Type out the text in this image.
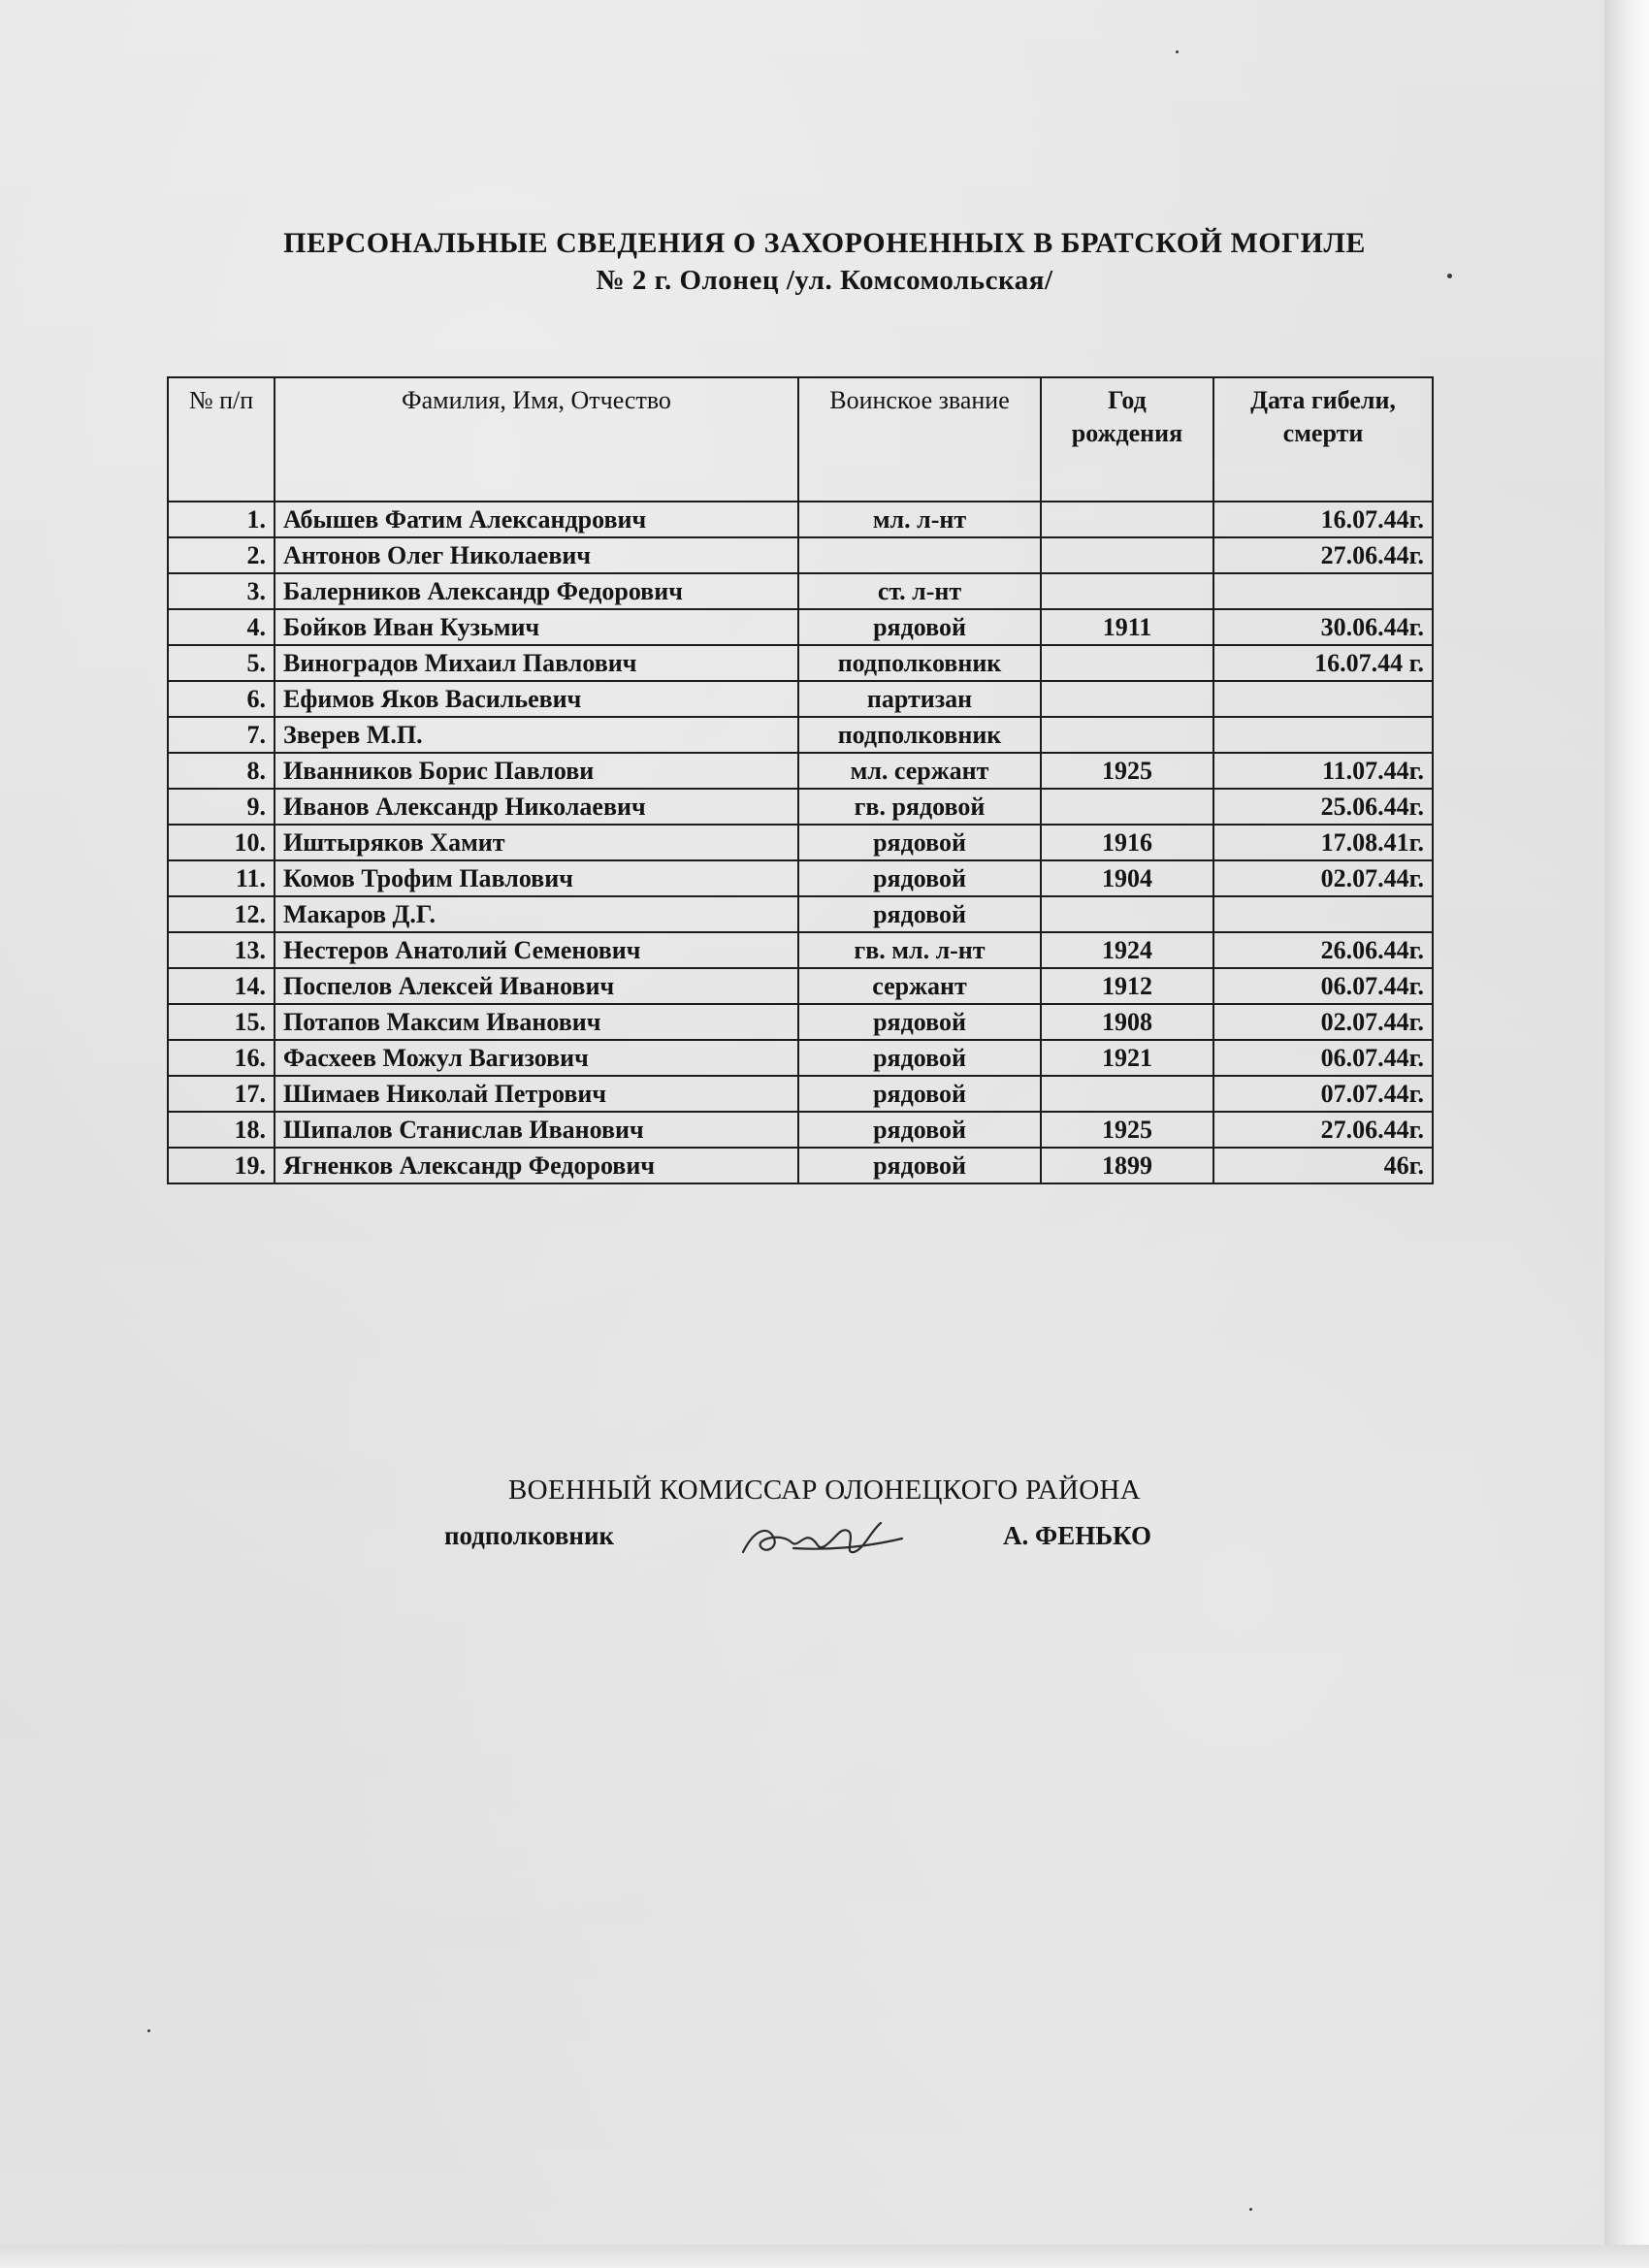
ПЕРСОНАЛЬНЫЕ СВЕДЕНИЯ О ЗАХОРОНЕННЫХ В БРАТСКОЙ МОГИЛЕ
№ 2 г. Олонец /ул. Комсомольская/
№ п/п	Фамилия, Имя, Отчество	Воинское звание	Год рождения	Дата гибели, смерти
1.	Абышев Фатим Александрович	мл. л-нт		16.07.44г.
2.	Антонов Олег Николаевич			27.06.44г.
3.	Балерников Александр Федорович	ст. л-нт		
4.	Бойков Иван Кузьмич	рядовой	1911	30.06.44г.
5.	Виноградов Михаил Павлович	подполковник		16.07.44 г.
6.	Ефимов Яков Васильевич	партизан		
7.	Зверев М.П.	подполковник		
8.	Иванников Борис Павлови	мл. сержант	1925	11.07.44г.
9.	Иванов Александр Николаевич	гв. рядовой		25.06.44г.
10.	Иштыряков Хамит	рядовой	1916	17.08.41г.
11.	Комов Трофим Павлович	рядовой	1904	02.07.44г.
12.	Макаров Д.Г.	рядовой		
13.	Нестеров Анатолий Семенович	гв. мл. л-нт	1924	26.06.44г.
14.	Поспелов Алексей Иванович	сержант	1912	06.07.44г.
15.	Потапов Максим Иванович	рядовой	1908	02.07.44г.
16.	Фасхеев Можул Вагизович	рядовой	1921	06.07.44г.
17.	Шимаев Николай Петрович	рядовой		07.07.44г.
18.	Шипалов Станислав Иванович	рядовой	1925	27.06.44г.
19.	Ягненков Александр Федорович	рядовой	1899	46г.
ВОЕННЫЙ КОМИССАР ОЛОНЕЦКОГО РАЙОНА
подполковник	А. ФЕНЬКО
